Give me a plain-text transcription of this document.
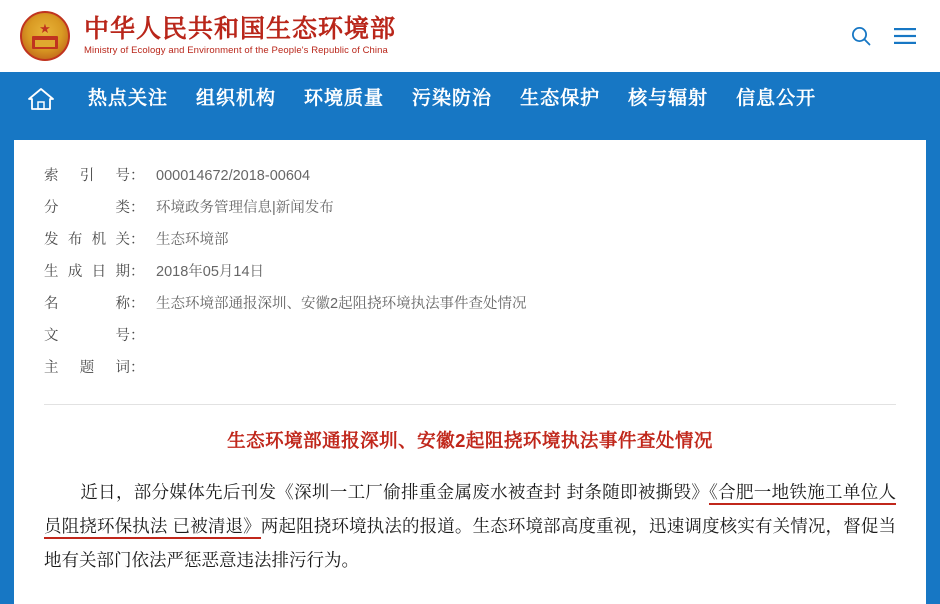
★ 中华人民共和国生态环境部
Ministry of Ecology and Environment of the People's Republic of China
热点关注	组织机构	环境质量	污染防治	生态保护	核与辐射	信息公开
索引号：	000014672/2018-00604
分类：	环境政务管理信息|新闻发布
发布机关：	生态环境部
生成日期：	2018年05月14日
名称：	生态环境部通报深圳、安徽2起阻挠环境执法事件查处情况
文号：	
主题词：	
生态环境部通报深圳、安徽2起阻挠环境执法事件查处情况
近日，部分媒体先后刊发《深圳一工厂偷排重金属废水被查封 封条随即被撕毁》《合肥一地铁施工单位人员阻挠环保执法 已被清退》两起阻挠环境执法的报道。生态环境部高度重视，迅速调度核实有关情况，督促当地有关部门依法严惩恶意违法排污行为。
